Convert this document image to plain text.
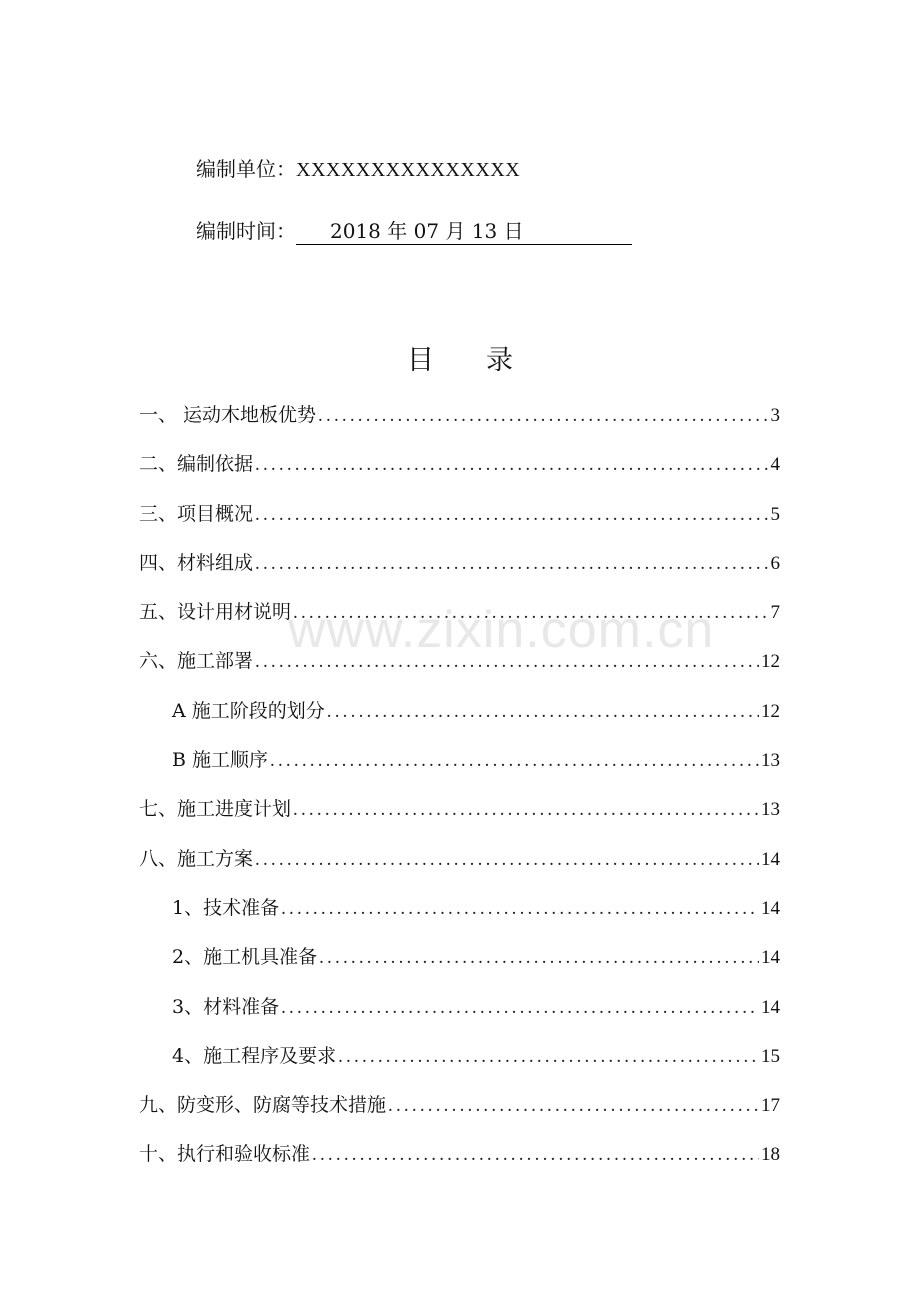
编制单位：XXXXXXXXXXXXXXX
编制时间： 2018 年 07 月 13 日
目录
一、 运动木地板优势 .....	3
二、编制依据 .....	4
三、项目概况 .....	5
四、材料组成 .....	6
五、设计用材说明 .....	7
六、施工部署 .....	12
A 施工阶段的划分 .....	12
B 施工顺序 .....	13
七、施工进度计划 .....	13
八、施工方案 .....	14
1、技术准备 .....	14
2、施工机具准备 .....	14
3、材料准备 .....	14
4、施工程序及要求 .....	15
九、防变形、防腐等技术措施 .....	17
十、执行和验收标准 .....	18
www.zixin.com.cn
